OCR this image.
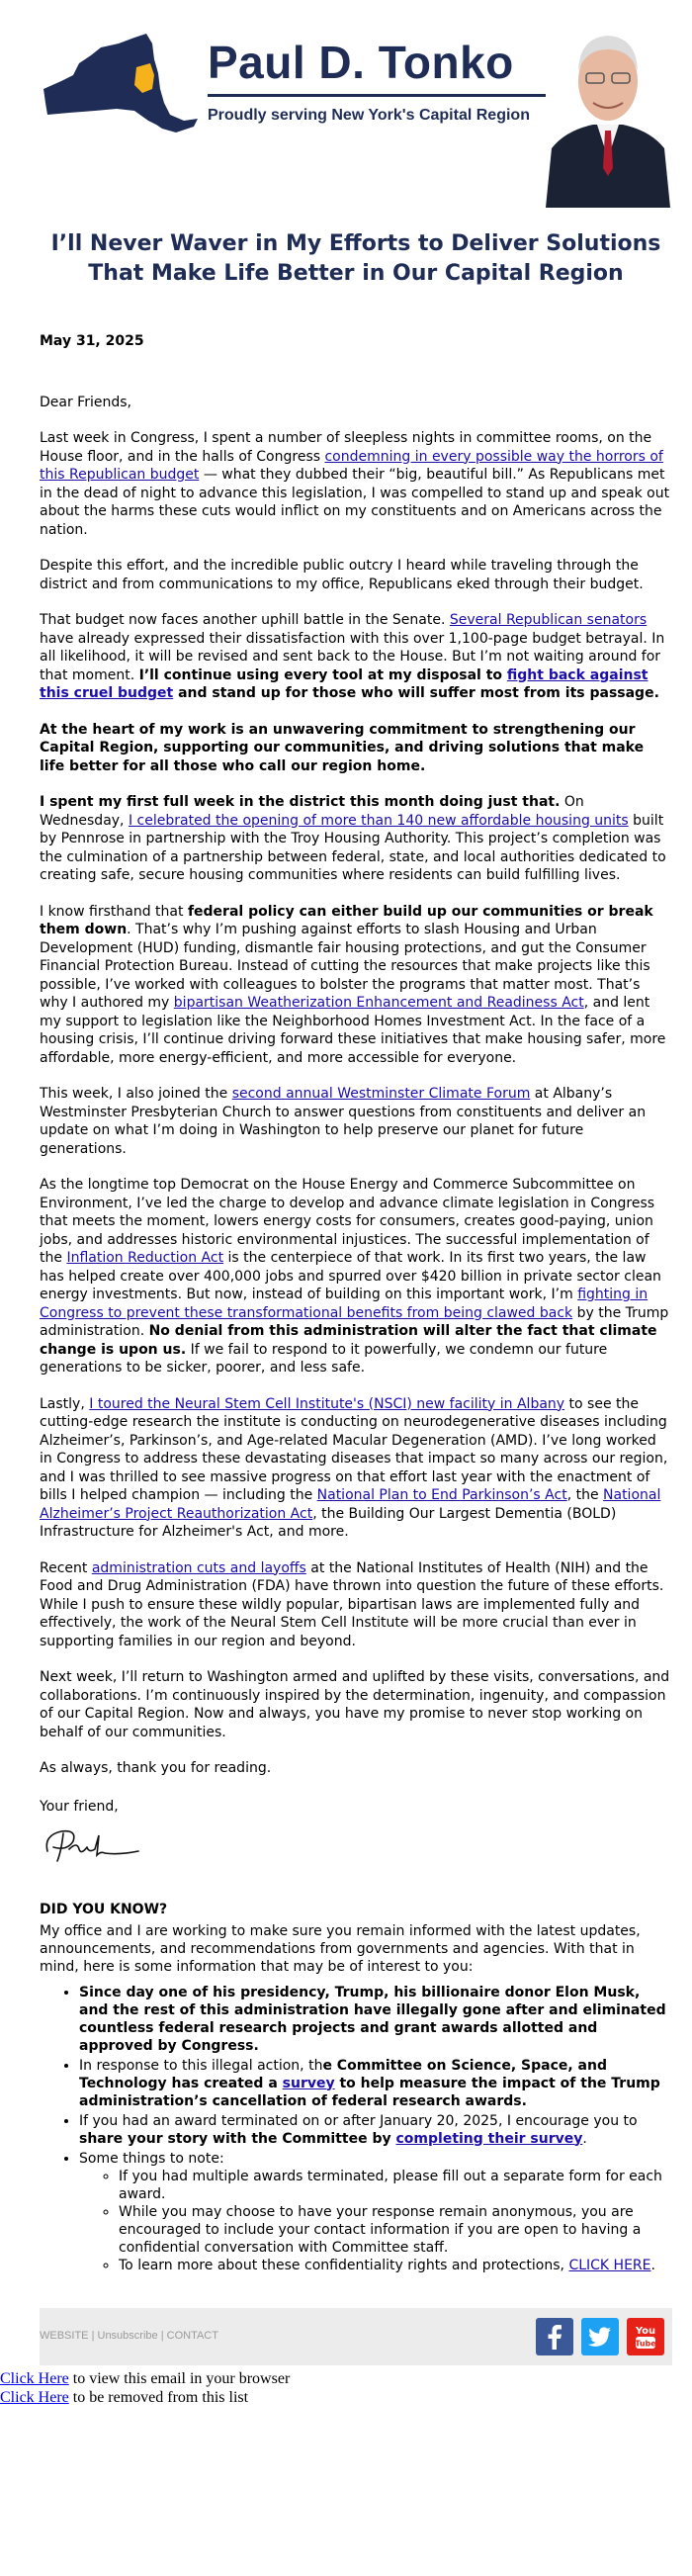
Paul D. Tonko
Proudly serving New York's Capital Region
I’ll Never Waver in My Efforts to Deliver Solutions That Make Life Better in Our Capital Region
May 31, 2025
Dear Friends,

Last week in Congress, I spent a number of sleepless nights in committee rooms, on the House floor, and in the halls of Congress condemning in every possible way the horrors of this Republican budget — what they dubbed their “big, beautiful bill.” As Republicans met in the dead of night to advance this legislation, I was compelled to stand up and speak out about the harms these cuts would inflict on my constituents and on Americans across the nation.

Despite this effort, and the incredible public outcry I heard while traveling through the district and from communications to my office, Republicans eked through their budget.

That budget now faces another uphill battle in the Senate. Several Republican senators have already expressed their dissatisfaction with this over 1,100-page budget betrayal. In all likelihood, it will be revised and sent back to the House. But I’m not waiting around for that moment. I’ll continue using every tool at my disposal to fight back against this cruel budget and stand up for those who will suffer most from its passage.

At the heart of my work is an unwavering commitment to strengthening our Capital Region, supporting our communities, and driving solutions that make life better for all those who call our region home.

I spent my first full week in the district this month doing just that. On Wednesday, I celebrated the opening of more than 140 new affordable housing units built by Pennrose in partnership with the Troy Housing Authority. This project’s completion was the culmination of a partnership between federal, state, and local authorities dedicated to creating safe, secure housing communities where residents can build fulfilling lives.

I know firsthand that federal policy can either build up our communities or break them down. That’s why I’m pushing against efforts to slash Housing and Urban Development (HUD) funding, dismantle fair housing protections, and gut the Consumer Financial Protection Bureau. Instead of cutting the resources that make projects like this possible, I’ve worked with colleagues to bolster the programs that matter most. That’s why I authored my bipartisan Weatherization Enhancement and Readiness Act, and lent my support to legislation like the Neighborhood Homes Investment Act. In the face of a housing crisis, I’ll continue driving forward these initiatives that make housing safer, more affordable, more energy-efficient, and more accessible for everyone.

This week, I also joined the second annual Westminster Climate Forum at Albany’s Westminster Presbyterian Church to answer questions from constituents and deliver an update on what I’m doing in Washington to help preserve our planet for future generations.

As the longtime top Democrat on the House Energy and Commerce Subcommittee on Environment, I’ve led the charge to develop and advance climate legislation in Congress that meets the moment, lowers energy costs for consumers, creates good-paying, union jobs, and addresses historic environmental injustices. The successful implementation of the Inflation Reduction Act is the centerpiece of that work. In its first two years, the law has helped create over 400,000 jobs and spurred over $420 billion in private sector clean energy investments. But now, instead of building on this important work, I’m fighting in Congress to prevent these transformational benefits from being clawed back by the Trump administration. No denial from this administration will alter the fact that climate change is upon us. If we fail to respond to it powerfully, we condemn our future generations to be sicker, poorer, and less safe.

Lastly, I toured the Neural Stem Cell Institute's (NSCI) new facility in Albany to see the cutting-edge research the institute is conducting on neurodegenerative diseases including Alzheimer’s, Parkinson’s, and Age-related Macular Degeneration (AMD). I’ve long worked in Congress to address these devastating diseases that impact so many across our region, and I was thrilled to see massive progress on that effort last year with the enactment of bills I helped champion — including the National Plan to End Parkinson’s Act, the National Alzheimer’s Project Reauthorization Act, the Building Our Largest Dementia (BOLD) Infrastructure for Alzheimer's Act, and more.

Recent administration cuts and layoffs at the National Institutes of Health (NIH) and the Food and Drug Administration (FDA) have thrown into question the future of these efforts. While I push to ensure these wildly popular, bipartisan laws are implemented fully and effectively, the work of the Neural Stem Cell Institute will be more crucial than ever in supporting families in our region and beyond.

Next week, I’ll return to Washington armed and uplifted by these visits, conversations, and collaborations. I’m continuously inspired by the determination, ingenuity, and compassion of our Capital Region. Now and always, you have my promise to never stop working on behalf of our communities.

As always, thank you for reading.

Your friend,
DID YOU KNOW?
My office and I are working to make sure you remain informed with the latest updates, announcements, and recommendations from governments and agencies. With that in mind, here is some information that may be of interest to you:
• Since day one of his presidency, Trump, his billionaire donor Elon Musk, and the rest of this administration have illegally gone after and eliminated countless federal research projects and grant awards allotted and approved by Congress.
• In response to this illegal action, the Committee on Science, Space, and Technology has created a survey to help measure the impact of the Trump administration’s cancellation of federal research awards.
• If you had an award terminated on or after January 20, 2025, I encourage you to share your story with the Committee by completing their survey.
• Some things to note:
◦ If you had multiple awards terminated, please fill out a separate form for each award.
◦ While you may choose to have your response remain anonymous, you are encouraged to include your contact information if you are open to having a confidential conversation with Committee staff.
◦ To learn more about these confidentiality rights and protections, CLICK HERE.
WEBSITE | Unsubscribe | CONTACT	You
Tube
Click Here to view this email in your browser
Click Here to be removed from this list
